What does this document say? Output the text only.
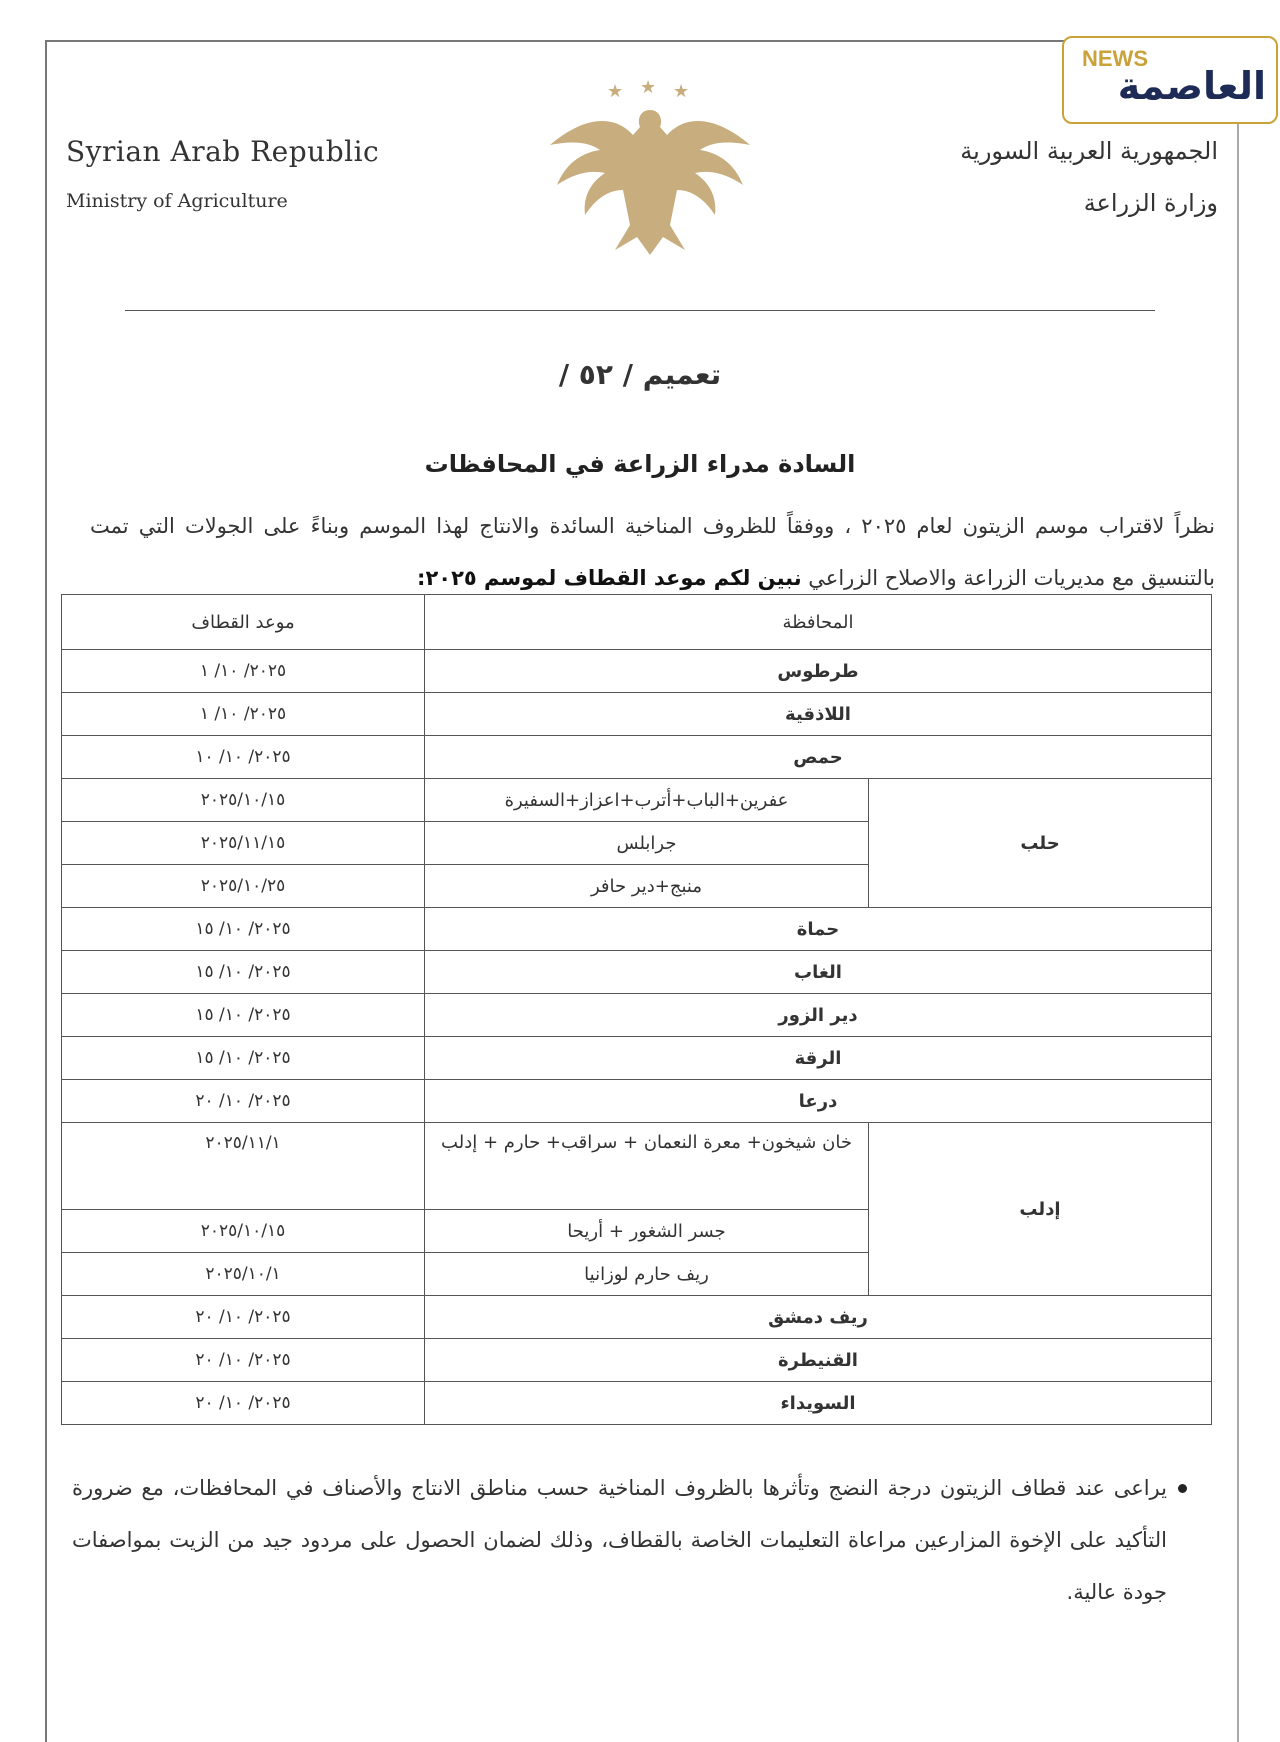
Syrian Arab Republic
Ministry of Agriculture
الجمهورية العربية السورية
وزارة الزراعة
★ ★ ★
NEWS
العاصمة
تعميم / ٥٢ /
السادة مدراء الزراعة في المحافظات
نظراً لاقتراب موسم الزيتون لعام ٢٠٢٥ ، ووفقاً للظروف المناخية السائدة والانتاج لهذا الموسم وبناءً على الجولات التي تمت بالتنسيق مع مديريات الزراعة والاصلاح الزراعي نبين لكم موعد القطاف لموسم ٢٠٢٥:
المحافظة		موعد القطاف
طرطوس		٢٠٢٥/ ١٠/ ١
اللاذقية		٢٠٢٥/ ١٠/ ١
حمص		٢٠٢٥/ ١٠/ ١٠
حلب	عفرين+الباب+أترب+اعزاز+السفيرة	٢٠٢٥/١٠/١٥
	جرابلس	٢٠٢٥/١١/١٥
	منبج+دير حافر	٢٠٢٥/١٠/٢٥
حماة		٢٠٢٥/ ١٠/ ١٥
الغاب		٢٠٢٥/ ١٠/ ١٥
دير الزور		٢٠٢٥/ ١٠/ ١٥
الرقة		٢٠٢٥/ ١٠/ ١٥
درعا		٢٠٢٥/ ١٠/ ٢٠
إدلب	خان شيخون+ معرة النعمان + سراقب+ حارم + إدلب	٢٠٢٥/١١/١
	جسر الشغور + أريحا	٢٠٢٥/١٠/١٥
	ريف حارم لوزانيا	٢٠٢٥/١٠/١
ريف دمشق		٢٠٢٥/ ١٠/ ٢٠
القنيطرة		٢٠٢٥/ ١٠/ ٢٠
السويداء		٢٠٢٥/ ١٠/ ٢٠
يراعى عند قطاف الزيتون درجة النضج وتأثرها بالظروف المناخية حسب مناطق الانتاج والأصناف في المحافظات، مع ضرورة التأكيد على الإخوة المزارعين مراعاة التعليمات الخاصة بالقطاف، وذلك لضمان الحصول على مردود جيد من الزيت بمواصفات جودة عالية.
